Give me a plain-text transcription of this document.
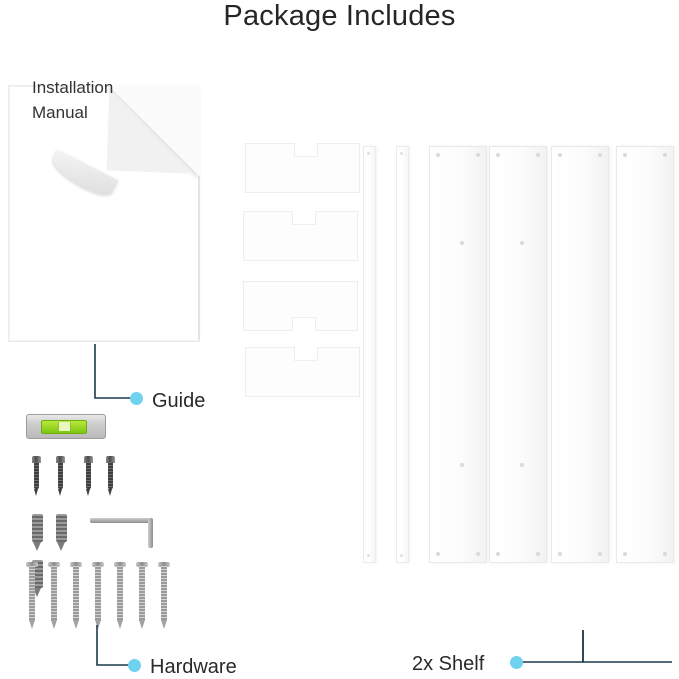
Package Includes
Installation
Manual
Guide
Hardware	2x Shelf
